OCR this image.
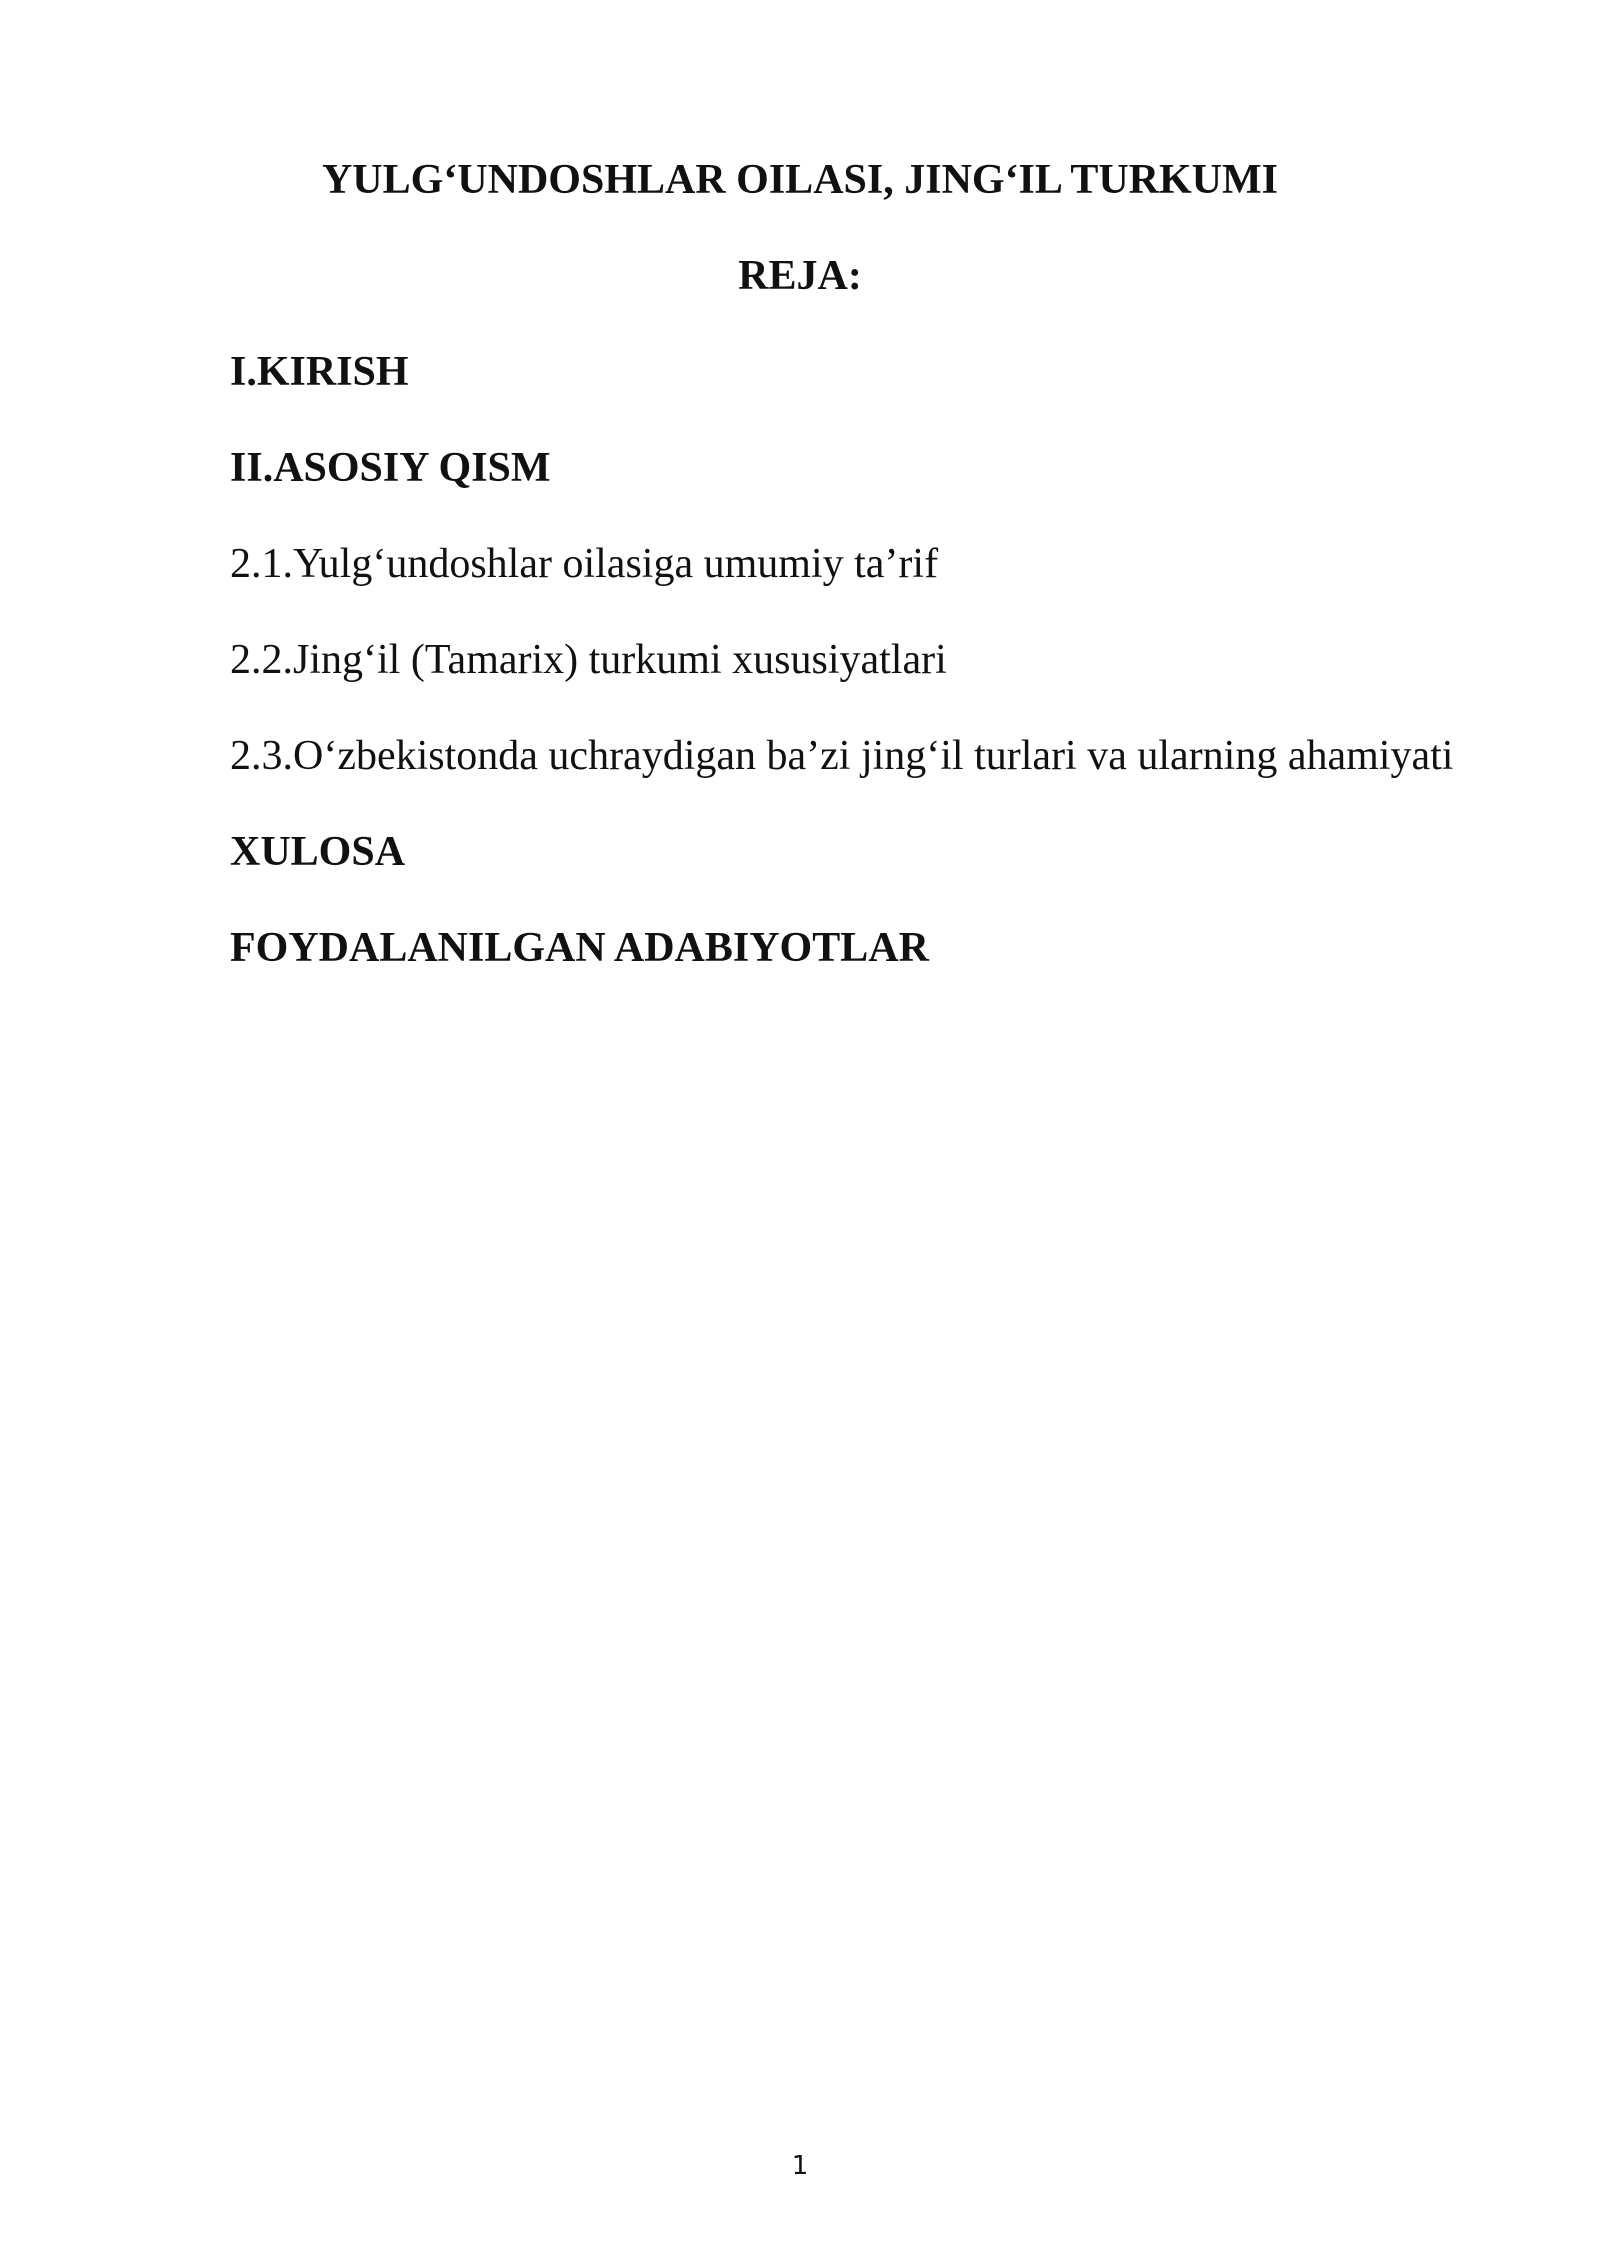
YULG‘UNDOSHLAR OILASI, JING‘IL TURKUMI
REJA:
I.KIRISH
II.ASOSIY QISM
2.1.Yulg‘undoshlar oilasiga umumiy ta’rif
2.2.Jing‘il (Tamarix) turkumi xususiyatlari
2.3.O‘zbekistonda uchraydigan ba’zi jing‘il turlari va ularning ahamiyati
XULOSA
FOYDALANILGAN ADABIYOTLAR
1
